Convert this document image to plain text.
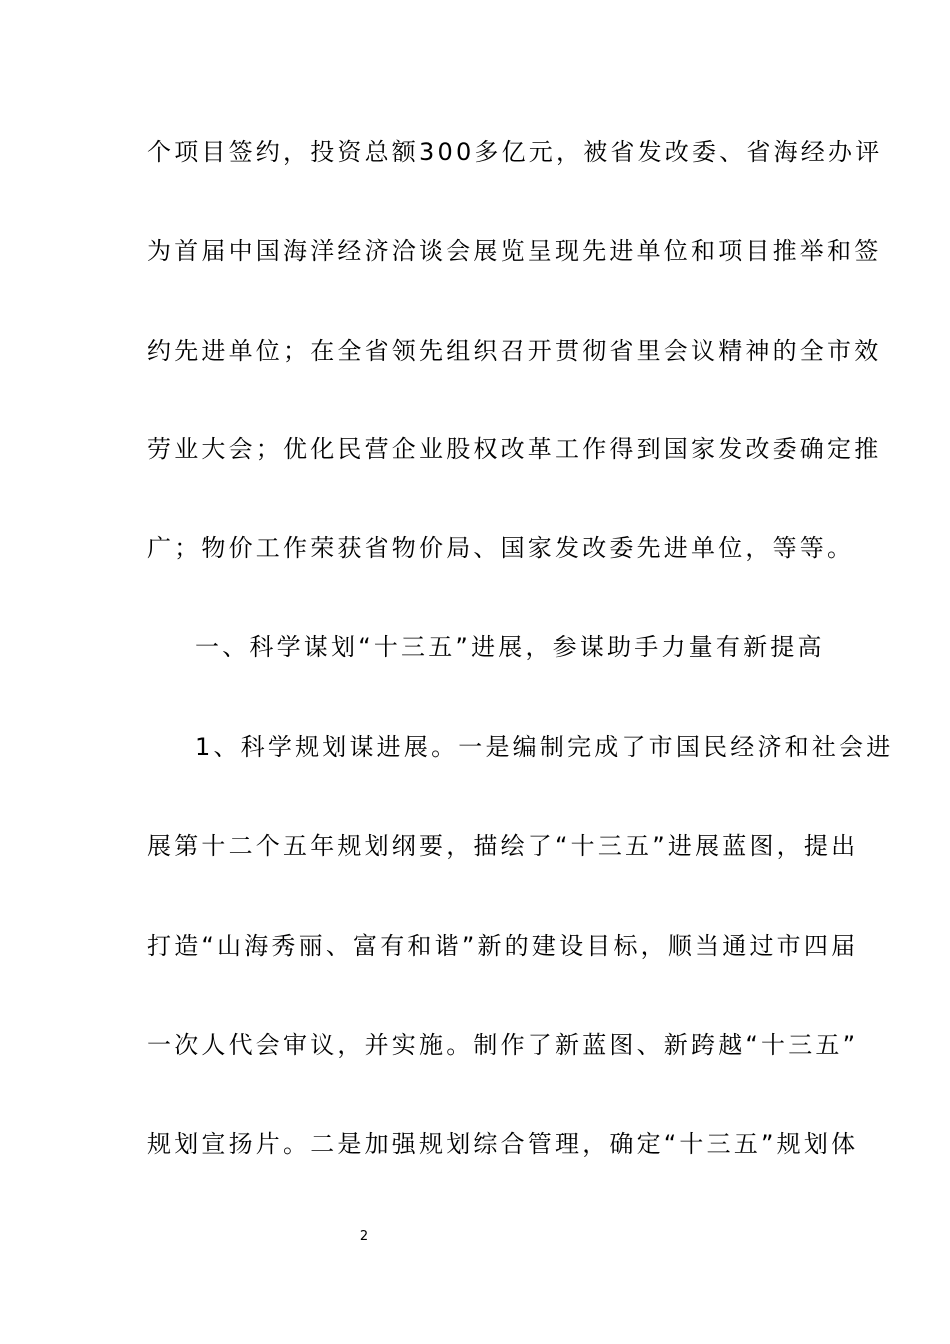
个项目签约，投资总额300多亿元，被省发改委、省海经办评
为首届中国海洋经济洽谈会展览呈现先进单位和项目推举和签
约先进单位；在全省领先组织召开贯彻省里会议精神的全市效
劳业大会；优化民营企业股权改革工作得到国家发改委确定推
广；物价工作荣获省物价局、国家发改委先进单位，等等。
一、科学谋划“十三五”进展，参谋助手力量有新提高
1、科学规划谋进展。一是编制完成了市国民经济和社会进
展第十二个五年规划纲要，描绘了“十三五”进展蓝图，提出
打造“山海秀丽、富有和谐”新的建设目标，顺当通过市四届
一次人代会审议，并实施。制作了新蓝图、新跨越“十三五”
规划宣扬片。二是加强规划综合管理，确定“十三五”规划体
2
